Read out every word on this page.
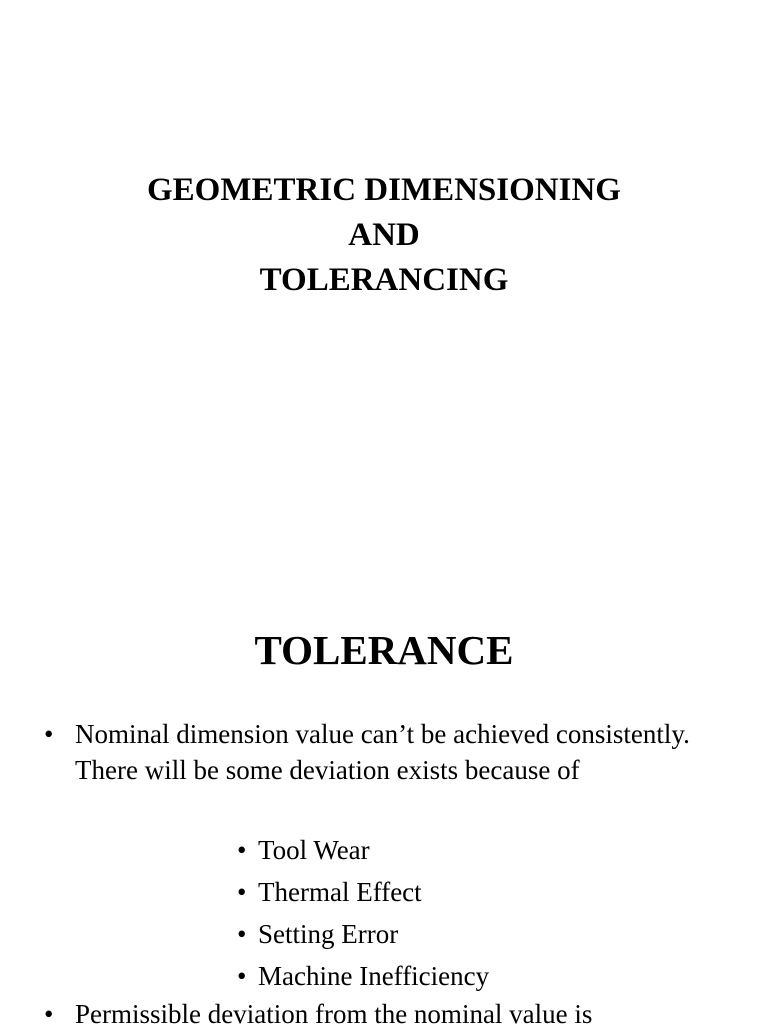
GEOMETRIC DIMENSIONING
AND
TOLERANCING
TOLERANCE
• Nominal dimension value can’t be achieved consistently. There will be some deviation exists because of
• Tool Wear
• Thermal Effect
• Setting Error
• Machine Inefficiency
• Permissible deviation from the nominal value is
